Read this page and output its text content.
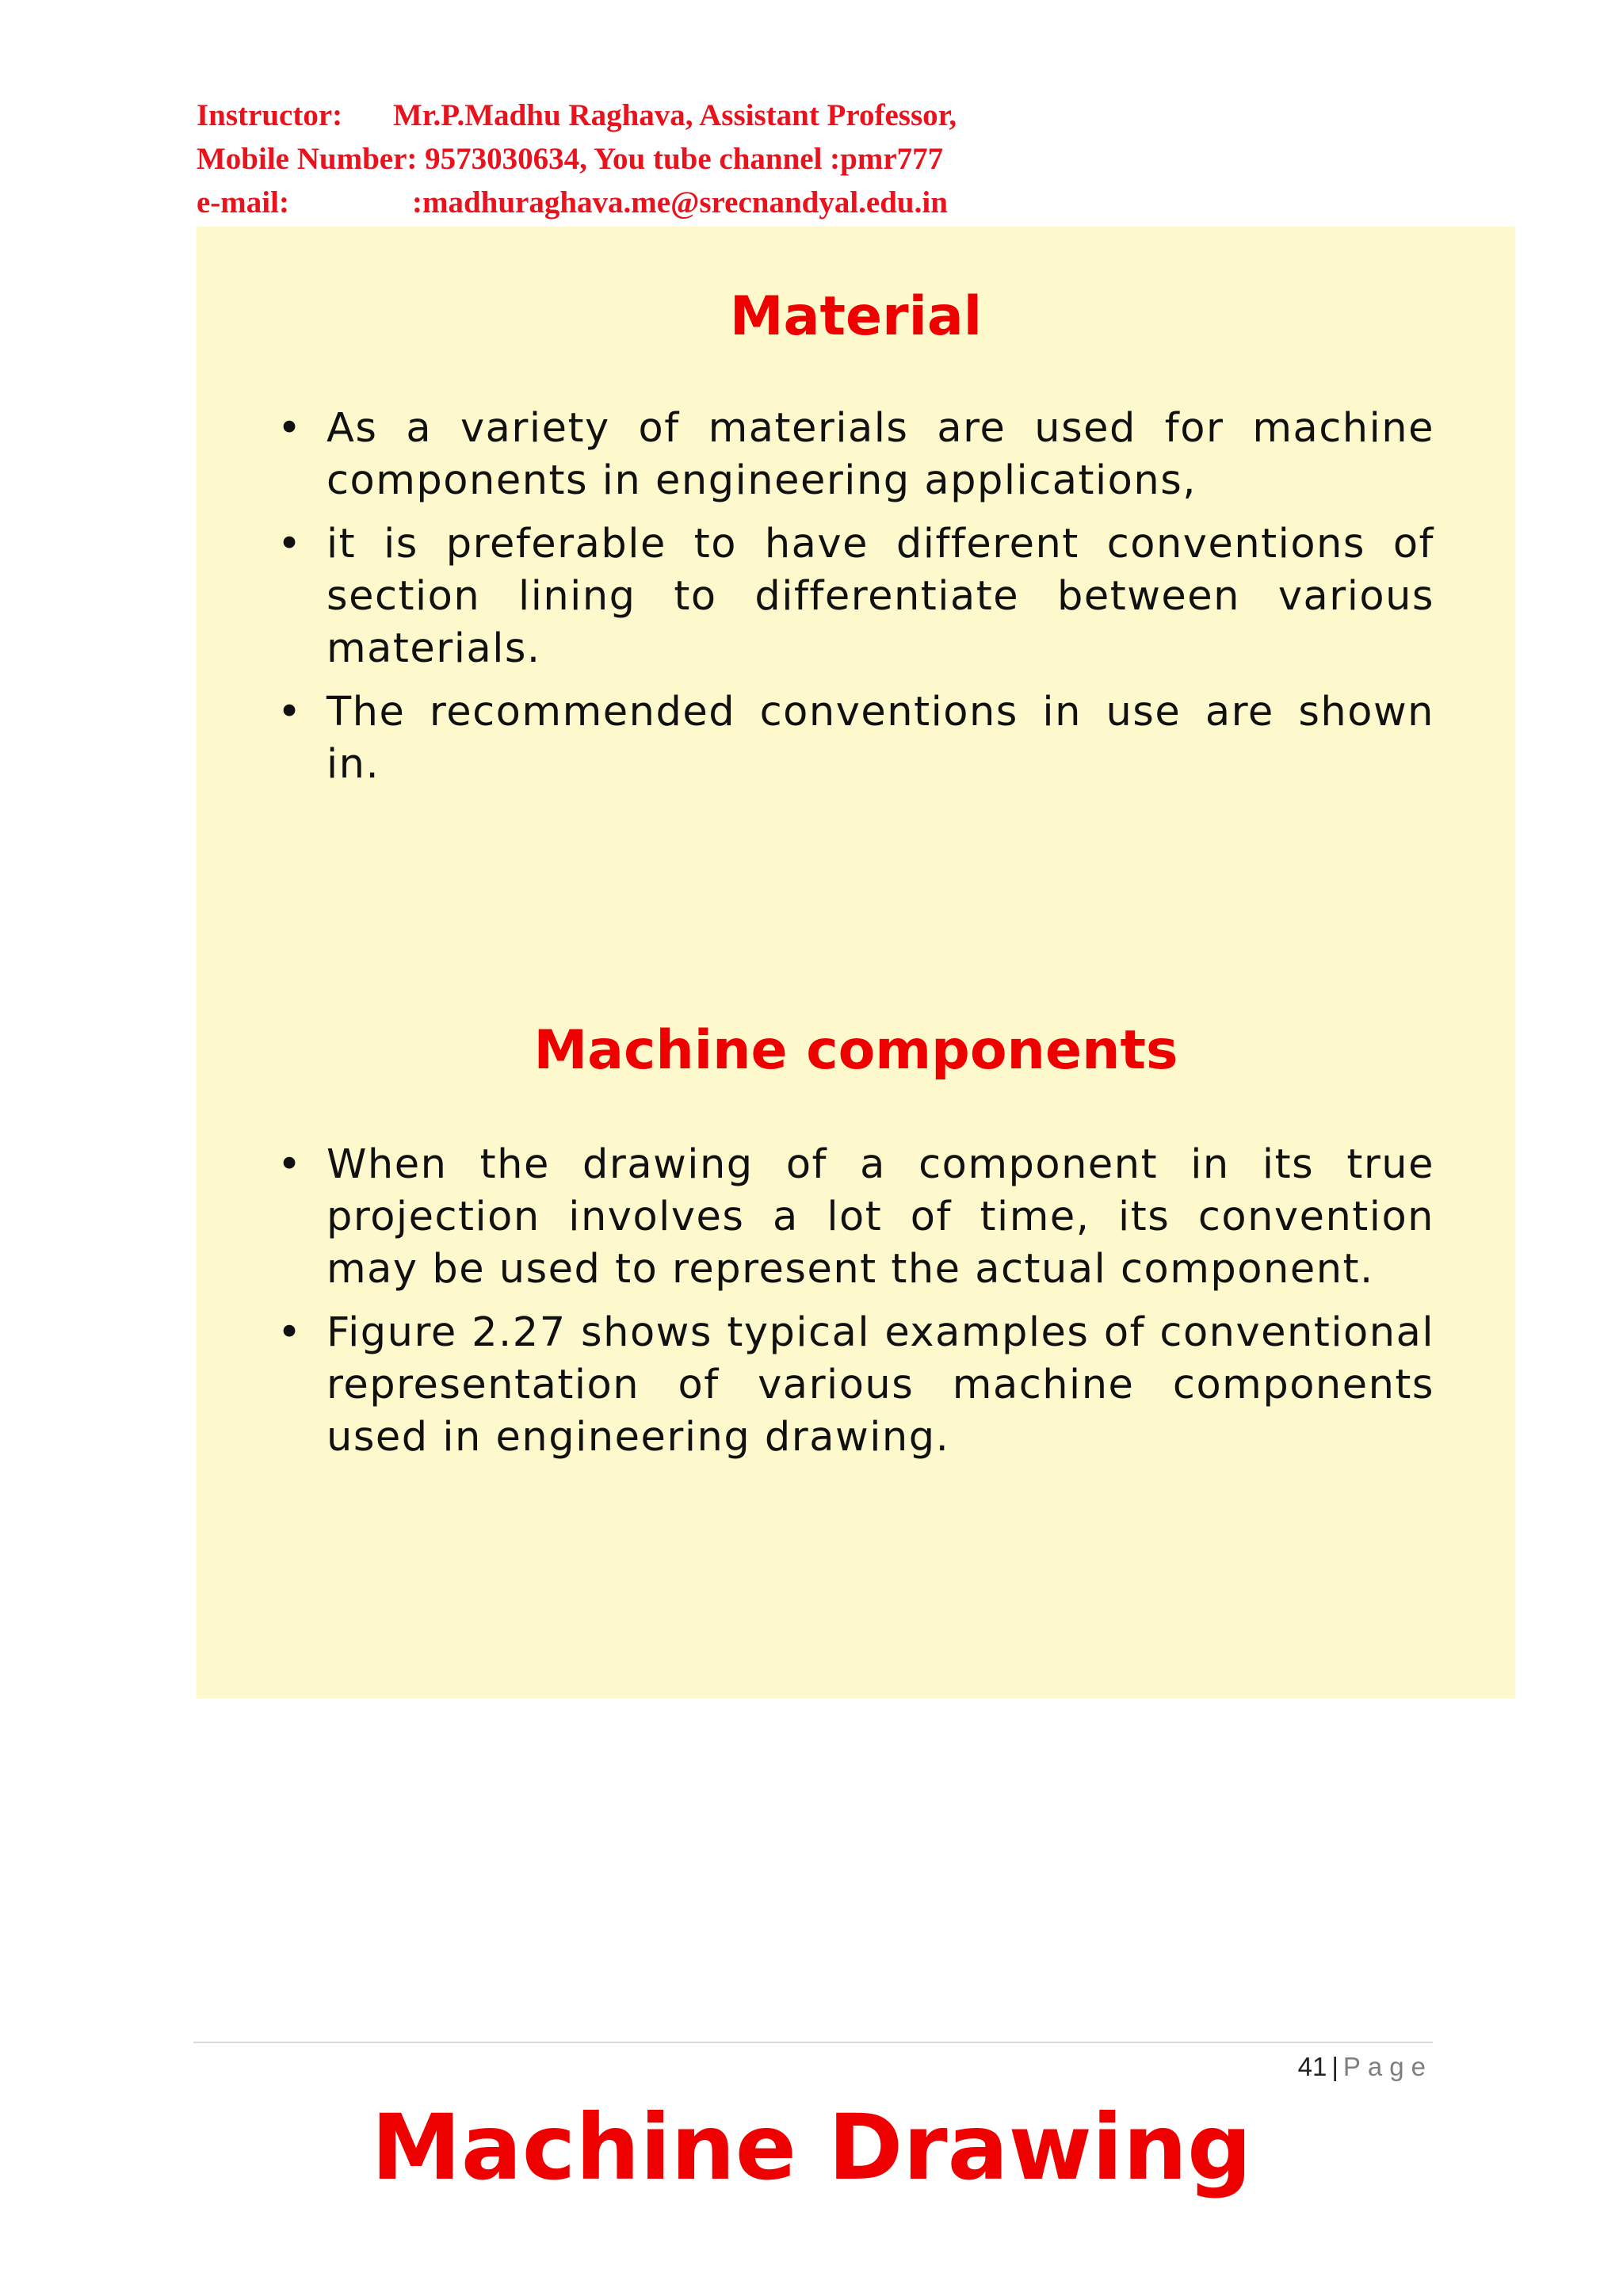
Instructor: Mr.P.Madhu Raghava, Assistant Professor,
Mobile Number: 9573030634, You tube channel :pmr777
e-mail:	:madhuraghava.me@srecnandyal.edu.in
Material
• As a variety of materials are used for machine components in engineering applications,
• it is preferable to have different conventions of section lining to differentiate between various materials.
• The recommended conventions in use are shown in.
Machine components
• When the drawing of a component in its true projection involves a lot of time, its convention may be used to represent the actual component.
• Figure 2.27 shows typical examples of conventional representation of various machine components used in engineering drawing.
41 | Page
Machine Drawing
